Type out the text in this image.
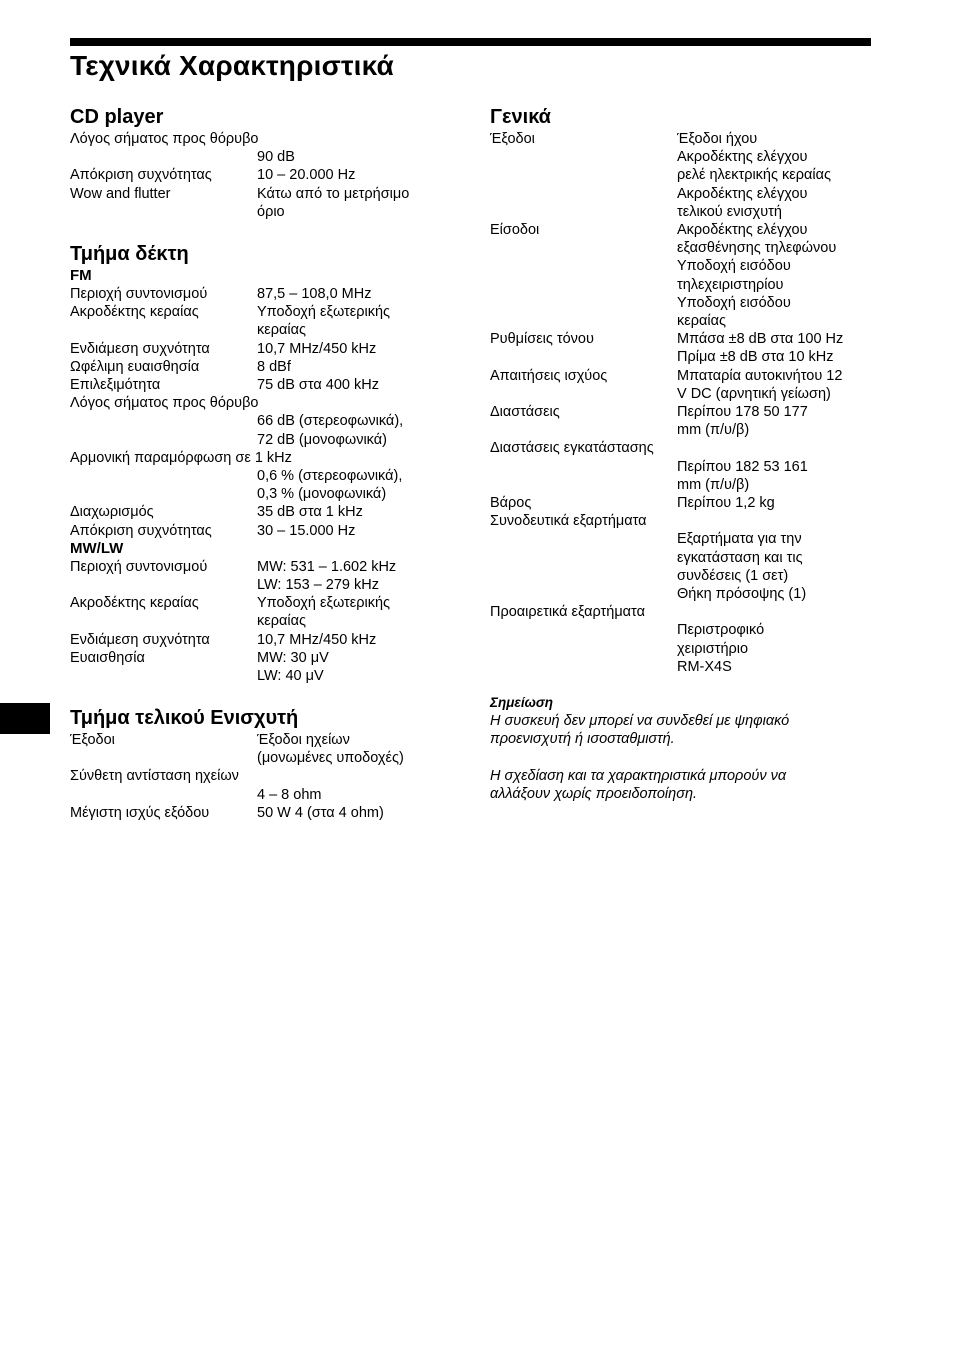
Τεχνικά Χαρακτηριστικά
CD player
Λόγος σήματος προς θόρυβο
90 dB
Απόκριση συχνότητας	10 – 20.000 Hz
Wow and flutter	Κάτω από το μετρήσιμο
όριο
Τμήμα δέκτη
FM
Περιοχή συντονισμού	87,5 – 108,0 MHz
Ακροδέκτης κεραίας	Υποδοχή εξωτερικής
κεραίας
Ενδιάμεση συχνότητα	10,7 MHz/450 kHz
Ωφέλιμη ευαισθησία	8 dBf
Επιλεξιμότητα	75 dB στα 400 kHz
Λόγος σήματος προς θόρυβο
66 dB (στερεοφωνικά),
72 dB (μονοφωνικά)
Αρμονική παραμόρφωση σε 1 kHz
0,6 % (στερεοφωνικά),
0,3 % (μονοφωνικά)
Διαχωρισμός	35 dB στα 1 kHz
Απόκριση συχνότητας	30 – 15.000 Hz
MW/LW
Περιοχή συντονισμού	MW: 531 – 1.602 kHz
LW: 153 – 279 kHz
Ακροδέκτης κεραίας	Υποδοχή εξωτερικής
κεραίας
Ενδιάμεση συχνότητα	10,7 MHz/450 kHz
Ευαισθησία	MW: 30 μV
LW: 40 μV
Τμήμα τελικού Ενισχυτή
Έξοδοι	Έξοδοι ηχείων
(μονωμένες υποδοχές)
Σύνθετη αντίσταση ηχείων
4 – 8 ohm
Μέγιστη ισχύς εξόδου	50 W 4 (στα 4 ohm)
Γενικά
Έξοδοι	Έξοδοι ήχου
Ακροδέκτης ελέγχου
ρελέ ηλεκτρικής κεραίας
Ακροδέκτης ελέγχου
τελικού ενισχυτή
Είσοδοι	Ακροδέκτης ελέγχου
εξασθένησης τηλεφώνου
Υποδοχή εισόδου
τηλεχειριστηρίου
Υποδοχή εισόδου
κεραίας
Ρυθμίσεις τόνου	Μπάσα ±8 dB στα 100 Hz
Πρίμα ±8 dB στα 10 kHz
Απαιτήσεις ισχύος	Μπαταρία αυτοκινήτου 12
V DC (αρνητική γείωση)
Διαστάσεις	Περίπου 178 50 177
mm (π/υ/β)
Διαστάσεις εγκατάστασης
Περίπου 182 53 161
mm (π/υ/β)
Βάρος	Περίπου 1,2 kg
Συνοδευτικά εξαρτήματα
Εξαρτήματα για την
εγκατάσταση και τις
συνδέσεις (1 σετ)
Θήκη πρόσοψης (1)
Προαιρετικά εξαρτήματα
Περιστροφικό
χειριστήριο
RM-X4S

Σημείωση

Η συσκευή δεν μπορεί να συνδεθεί με ψηφιακό

προενισχυτή ή ισοσταθμιστή.

Η σχεδίαση και τα χαρακτηριστικά μπορούν να

αλλάξουν χωρίς προειδοποίηση.
